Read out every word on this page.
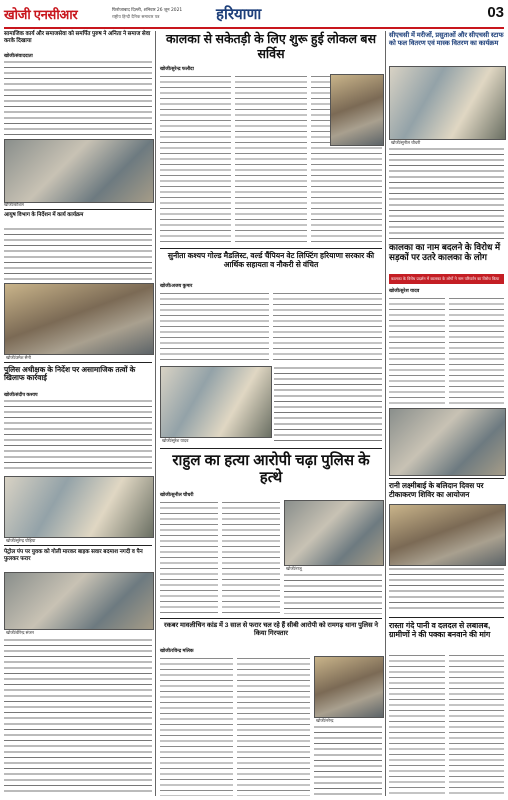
खोजी एनसीआर	फिरोजाबाद दिल्ली, शनिवार 26 जून 2021
राष्ट्रीय हिन्दी दैनिक समाचार पत्र	हरियाणा	03
सामाजिक कार्य और समाजसेवा को समर्पित पुरुष ने अनिता ने समाज सेवा करके दिखाया
खोजी/संवाददाता
खोजी/कौशल
आयुष विभाग के निर्देशन में कार्य कार्यक्रम
खोजी/उमेश सैनी
पुलिस अधीक्षक के निर्देश पर असामाजिक तत्वों के खिलाफ कार्रवाई
खोजी/संदीप कश्यप
खोजी/सुरेन्द्र पोहिया
पेट्रोल पंप पर युवक को गोली मारकर बाइक सवार बदमाश नगदी व पैन फुलकर फरार
खोजी/वीरेन्द्र संजन
कालका से सकेतड़ी के लिए शुरू हुई लोकल बस सर्विस
खोजी/सुरेन्द्र फलौदा
सुनीता कश्यप गोल्ड मैडलिस्ट, वर्ल्ड चैंपियन वेट लिफ्टिंग हरियाणा सरकार की आर्थिक सहायता व नौकरी से वंचित
खोजी/अजय कुमार
खोजी/सुरेश यादव
राहुल का हत्या आरोपी चढ़ा पुलिस के हत्थे
खोजी/सुनील चौधरी
खोजी/राजू
रकबर मावलीचिन कांड में 3 साल से फरार चल रहे हैं सीबी आरोपी को रामगढ़ थाना पुलिस ने किया गिरफ्तार
खोजी/रविन्द्र मलिक
खोजी/नरेन्द्र
सीएचसी में मरीजों, प्रसुताओं और सीएचसी स्टाफ को फल वितरण एवं मास्क वितरण का कार्यक्रम
खोजी/सुनील चौधरी
कालका का नाम बदलने के विरोध में सड़कों पर उतरे कालका के लोग
कालका के विरोध प्रदर्शन में कालका के लोगों ने नाम परिवर्तन का विरोध किया
खोजी/सुरेश यादव
रानी लक्ष्मीबाई के बलिदान दिवस पर टीकाकरण शिविर का आयोजन
रास्ता गंदे पानी व दलदल से लबालब, ग्रामीणों ने की पक्का बनवाने की मांग
